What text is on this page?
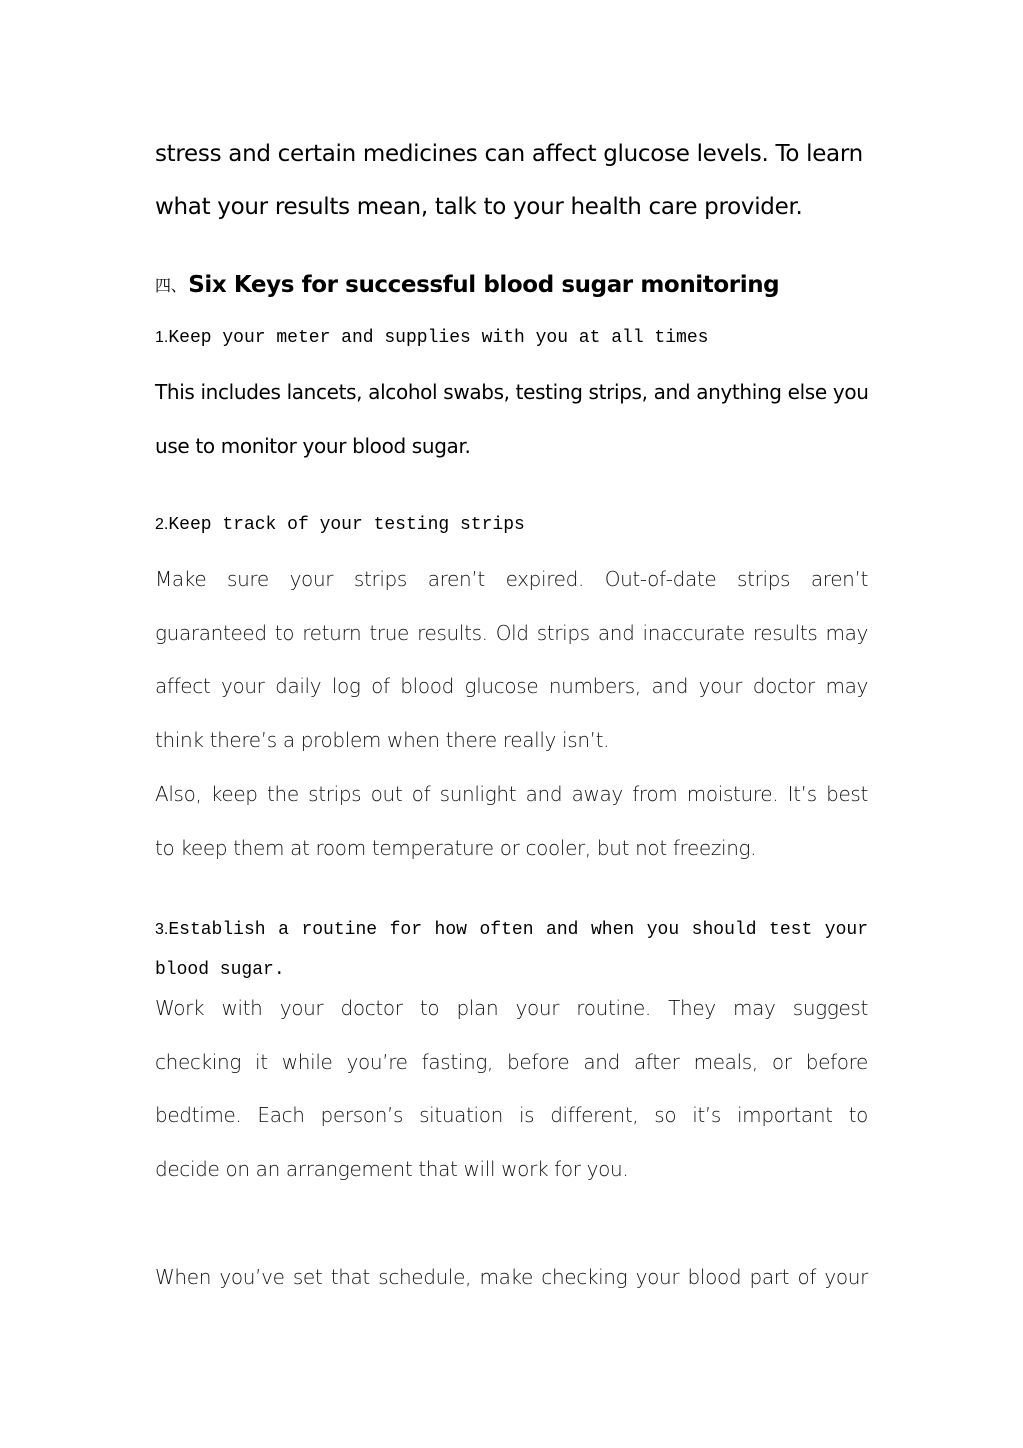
stress and certain medicines can affect glucose levels. To learn
what your results mean, talk to your health care provider.

四、Six Keys for successful blood sugar monitoring
1.Keep your meter and supplies with you at all times

This includes lancets, alcohol swabs, testing strips, and anything else you
use to monitor your blood sugar.

2.Keep track of your testing strips

Make sure your strips aren’t expired. Out-of-date strips aren’t
guaranteed to return true results. Old strips and inaccurate results may
affect your daily log of blood glucose numbers, and your doctor may
think there’s a problem when there really isn’t.

Also, keep the strips out of sunlight and away from moisture. It’s best
to keep them at room temperature or cooler, but not freezing.

3.Establish a routine for how often and when you should test your blood sugar.

Work with your doctor to plan your routine. They may suggest
checking it while you’re fasting, before and after meals, or before
bedtime. Each person’s situation is different, so it’s important to
decide on an arrangement that will work for you.

When you’ve set that schedule, make checking your blood part of your
